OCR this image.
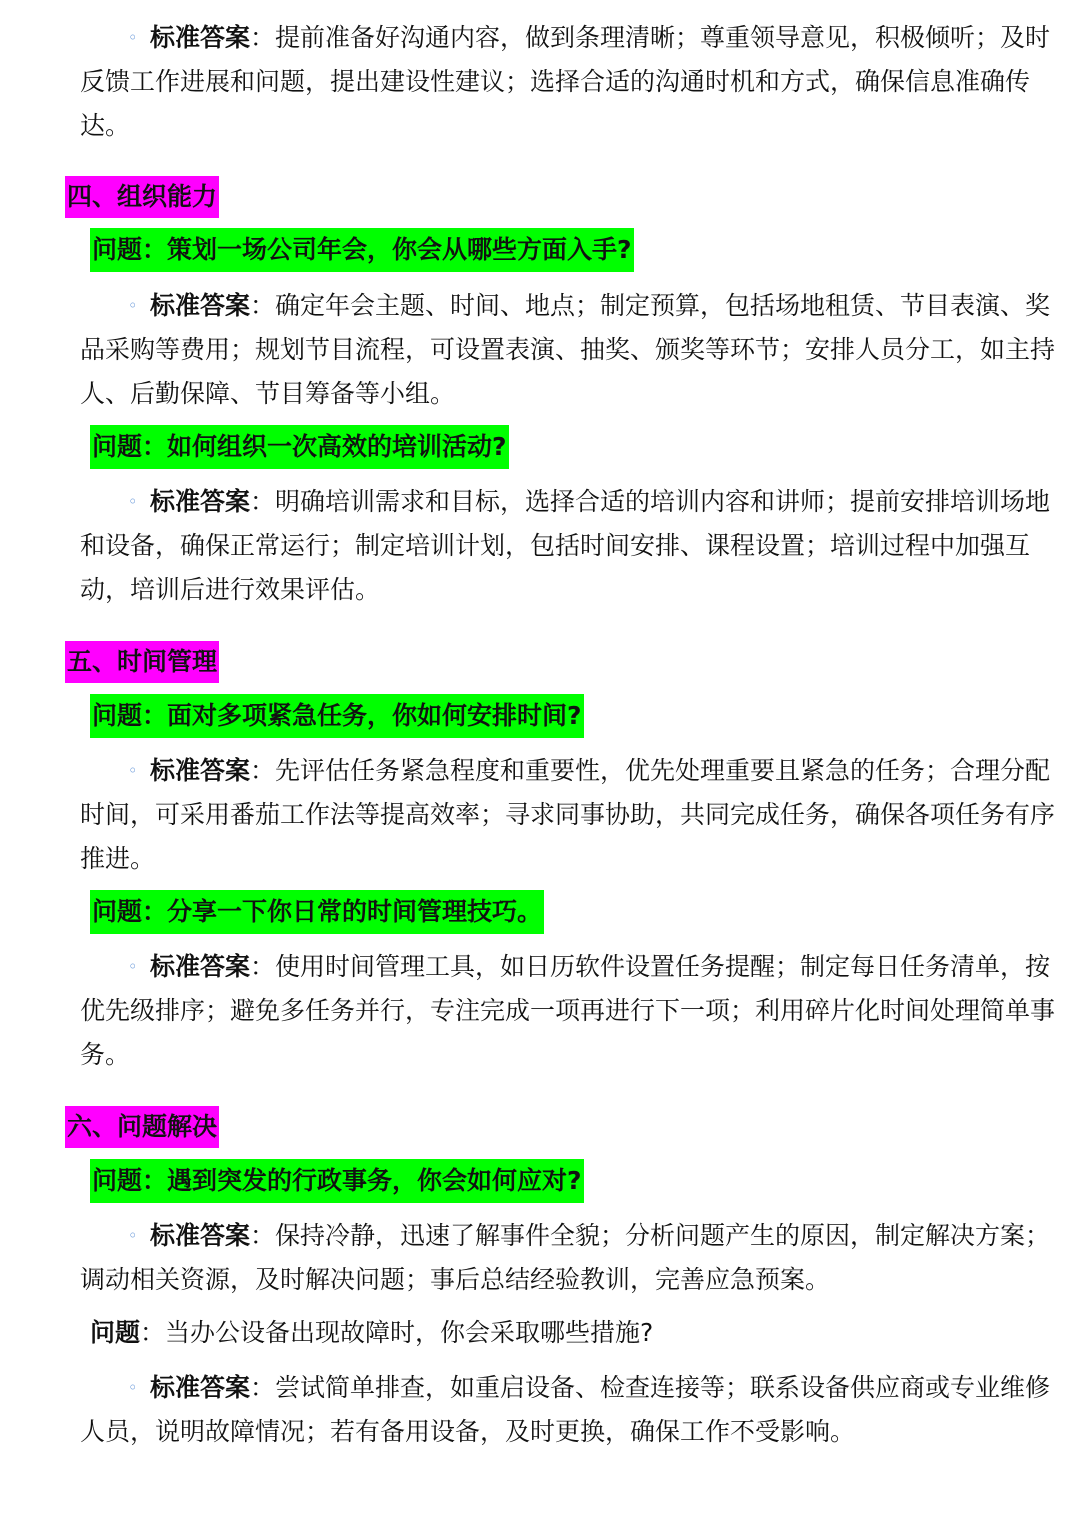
◦ 标准答案：提前准备好沟通内容，做到条理清晰；尊重领导意见，积极倾听；及时反馈工作进展和问题，提出建设性建议；选择合适的沟通时机和方式，确保信息准确传达。

四、组织能力
问题：策划一场公司年会，你会从哪些方面入手?

◦ 标准答案：确定年会主题、时间、地点；制定预算，包括场地租赁、节目表演、奖品采购等费用；规划节目流程，可设置表演、抽奖、颁奖等环节；安排人员分工，如主持人、后勤保障、节目筹备等小组。

问题：如何组织一次高效的培训活动?

◦ 标准答案：明确培训需求和目标，选择合适的培训内容和讲师；提前安排培训场地和设备，确保正常运行；制定培训计划，包括时间安排、课程设置；培训过程中加强互动，培训后进行效果评估。

五、时间管理
问题：面对多项紧急任务，你如何安排时间?

◦ 标准答案：先评估任务紧急程度和重要性，优先处理重要且紧急的任务；合理分配时间，可采用番茄工作法等提高效率；寻求同事协助，共同完成任务，确保各项任务有序推进。

问题：分享一下你日常的时间管理技巧。

◦ 标准答案：使用时间管理工具，如日历软件设置任务提醒；制定每日任务清单，按优先级排序；避免多任务并行，专注完成一项再进行下一项；利用碎片化时间处理简单事务。

六、问题解决
问题：遇到突发的行政事务，你会如何应对?

◦ 标准答案：保持冷静，迅速了解事件全貌；分析问题产生的原因，制定解决方案；调动相关资源，及时解决问题；事后总结经验教训，完善应急预案。

问题：当办公设备出现故障时，你会采取哪些措施?

◦ 标准答案：尝试简单排查，如重启设备、检查连接等；联系设备供应商或专业维修人员，说明故障情况；若有备用设备，及时更换，确保工作不受影响。
